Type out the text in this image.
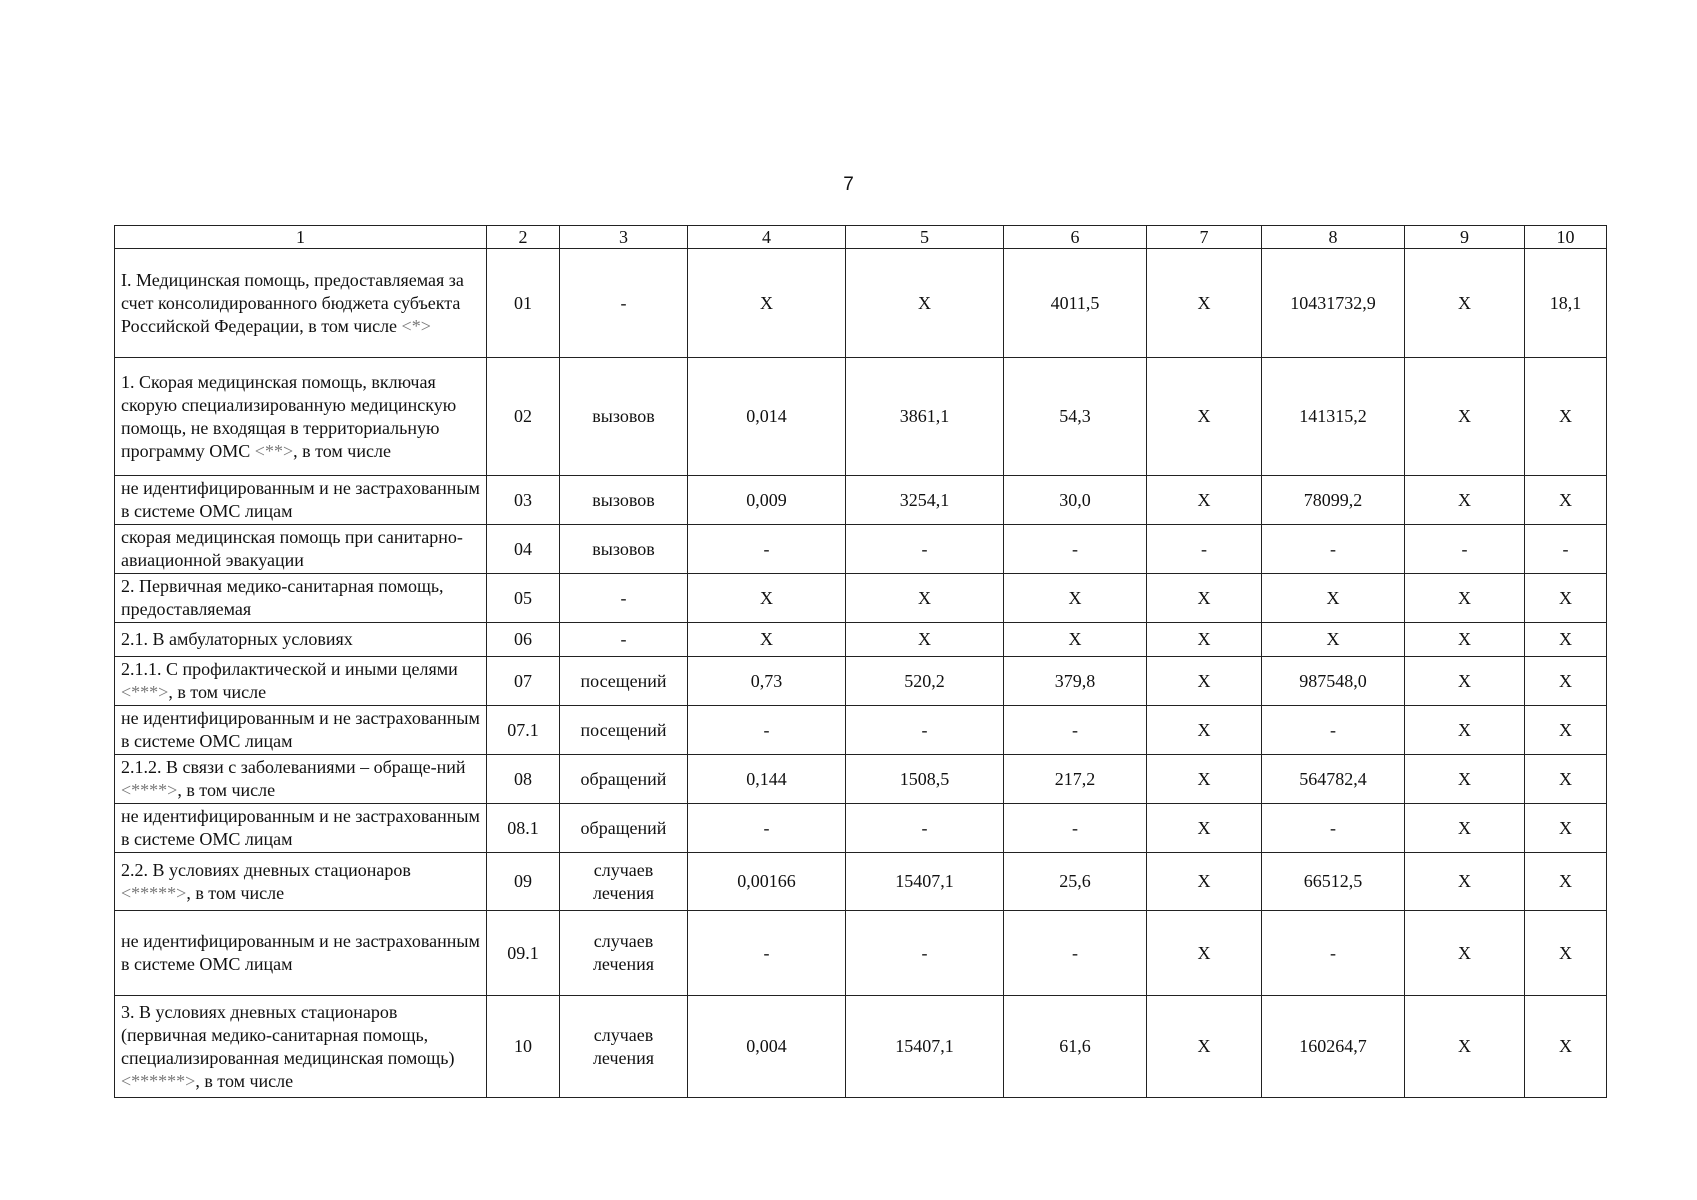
7
1	2	3	4	5	6	7	8	9	10
I. Медицинская помощь, предоставляемая за счет консолидированного бюджета субъекта Российской Федерации, в том числе <*>	01	-	X	X	4011,5	X	10431732,9	X	18,1
1. Скорая медицинская помощь, включая скорую специализированную медицинскую помощь, не входящая в территориальную программу ОМС <**>, в том числе	02	вызовов	0,014	3861,1	54,3	X	141315,2	X	X
не идентифицированным и не застрахованным в системе ОМС лицам	03	вызовов	0,009	3254,1	30,0	X	78099,2	X	X
скорая медицинская помощь при санитарно-авиационной эвакуации	04	вызовов	-	-	-	-	-	-	-
2. Первичная медико-санитарная помощь, предоставляемая	05	-	X	X	X	X	X	X	X
2.1. В амбулаторных условиях	06	-	X	X	X	X	X	X	X
2.1.1. С профилактической и иными целями <***>, в том числе	07	посещений	0,73	520,2	379,8	X	987548,0	X	X
не идентифицированным и не застрахованным в системе ОМС лицам	07.1	посещений	-	-	-	X	-	X	X
2.1.2. В связи с заболеваниями – обраще-ний <****>, в том числе	08	обращений	0,144	1508,5	217,2	X	564782,4	X	X
не идентифицированным и не застрахованным в системе ОМС лицам	08.1	обращений	-	-	-	X	-	X	X
2.2. В условиях дневных стационаров <*****>, в том числе	09	случаев лечения	0,00166	15407,1	25,6	X	66512,5	X	X
не идентифицированным и не застрахованным в системе ОМС лицам	09.1	случаев лечения	-	-	-	X	-	X	X
3. В условиях дневных стационаров (первичная медико-санитарная помощь, специализированная медицинская помощь) <******>, в том числе	10	случаев лечения	0,004	15407,1	61,6	X	160264,7	X	X
